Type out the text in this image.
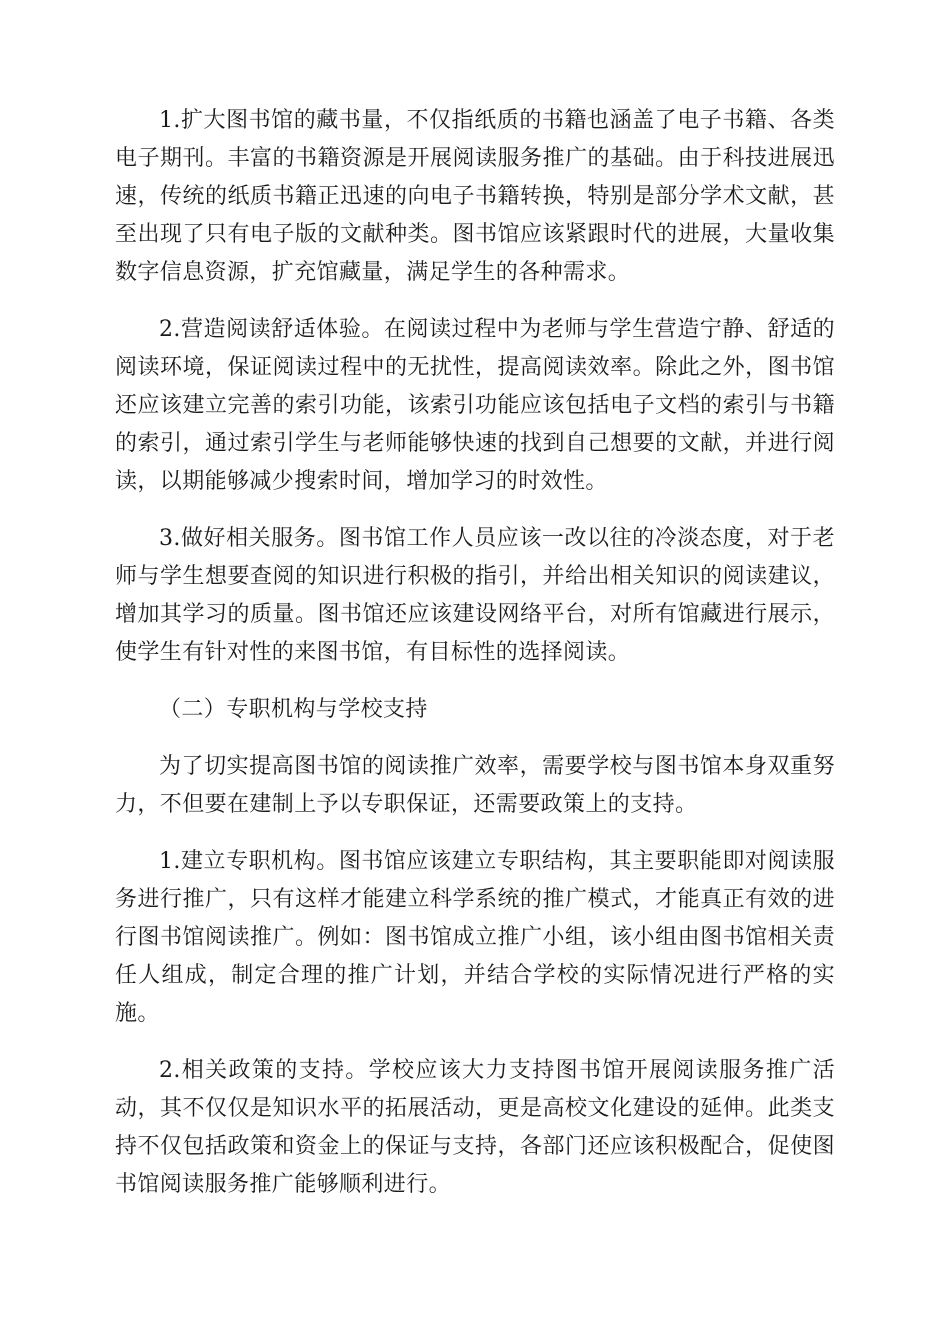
1.扩大图书馆的藏书量，不仅指纸质的书籍也涵盖了电子书籍、各类电子期刊。丰富的书籍资源是开展阅读服务推广的基础。由于科技进展迅速，传统的纸质书籍正迅速的向电子书籍转换，特别是部分学术文献，甚至出现了只有电子版的文献种类。图书馆应该紧跟时代的进展，大量收集数字信息资源，扩充馆藏量，满足学生的各种需求。

2.营造阅读舒适体验。在阅读过程中为老师与学生营造宁静、舒适的阅读环境，保证阅读过程中的无扰性，提高阅读效率。除此之外，图书馆还应该建立完善的索引功能，该索引功能应该包括电子文档的索引与书籍的索引，通过索引学生与老师能够快速的找到自己想要的文献，并进行阅读，以期能够减少搜索时间，增加学习的时效性。

3.做好相关服务。图书馆工作人员应该一改以往的冷淡态度，对于老师与学生想要查阅的知识进行积极的指引，并给出相关知识的阅读建议，增加其学习的质量。图书馆还应该建设网络平台，对所有馆藏进行展示，使学生有针对性的来图书馆，有目标性的选择阅读。

（二）专职机构与学校支持

为了切实提高图书馆的阅读推广效率，需要学校与图书馆本身双重努力，不但要在建制上予以专职保证，还需要政策上的支持。

1.建立专职机构。图书馆应该建立专职结构，其主要职能即对阅读服务进行推广，只有这样才能建立科学系统的推广模式，才能真正有效的进行图书馆阅读推广。例如：图书馆成立推广小组，该小组由图书馆相关责任人组成，制定合理的推广计划，并结合学校的实际情况进行严格的实施。

2.相关政策的支持。学校应该大力支持图书馆开展阅读服务推广活动，其不仅仅是知识水平的拓展活动，更是高校文化建设的延伸。此类支持不仅包括政策和资金上的保证与支持，各部门还应该积极配合，促使图书馆阅读服务推广能够顺利进行。
